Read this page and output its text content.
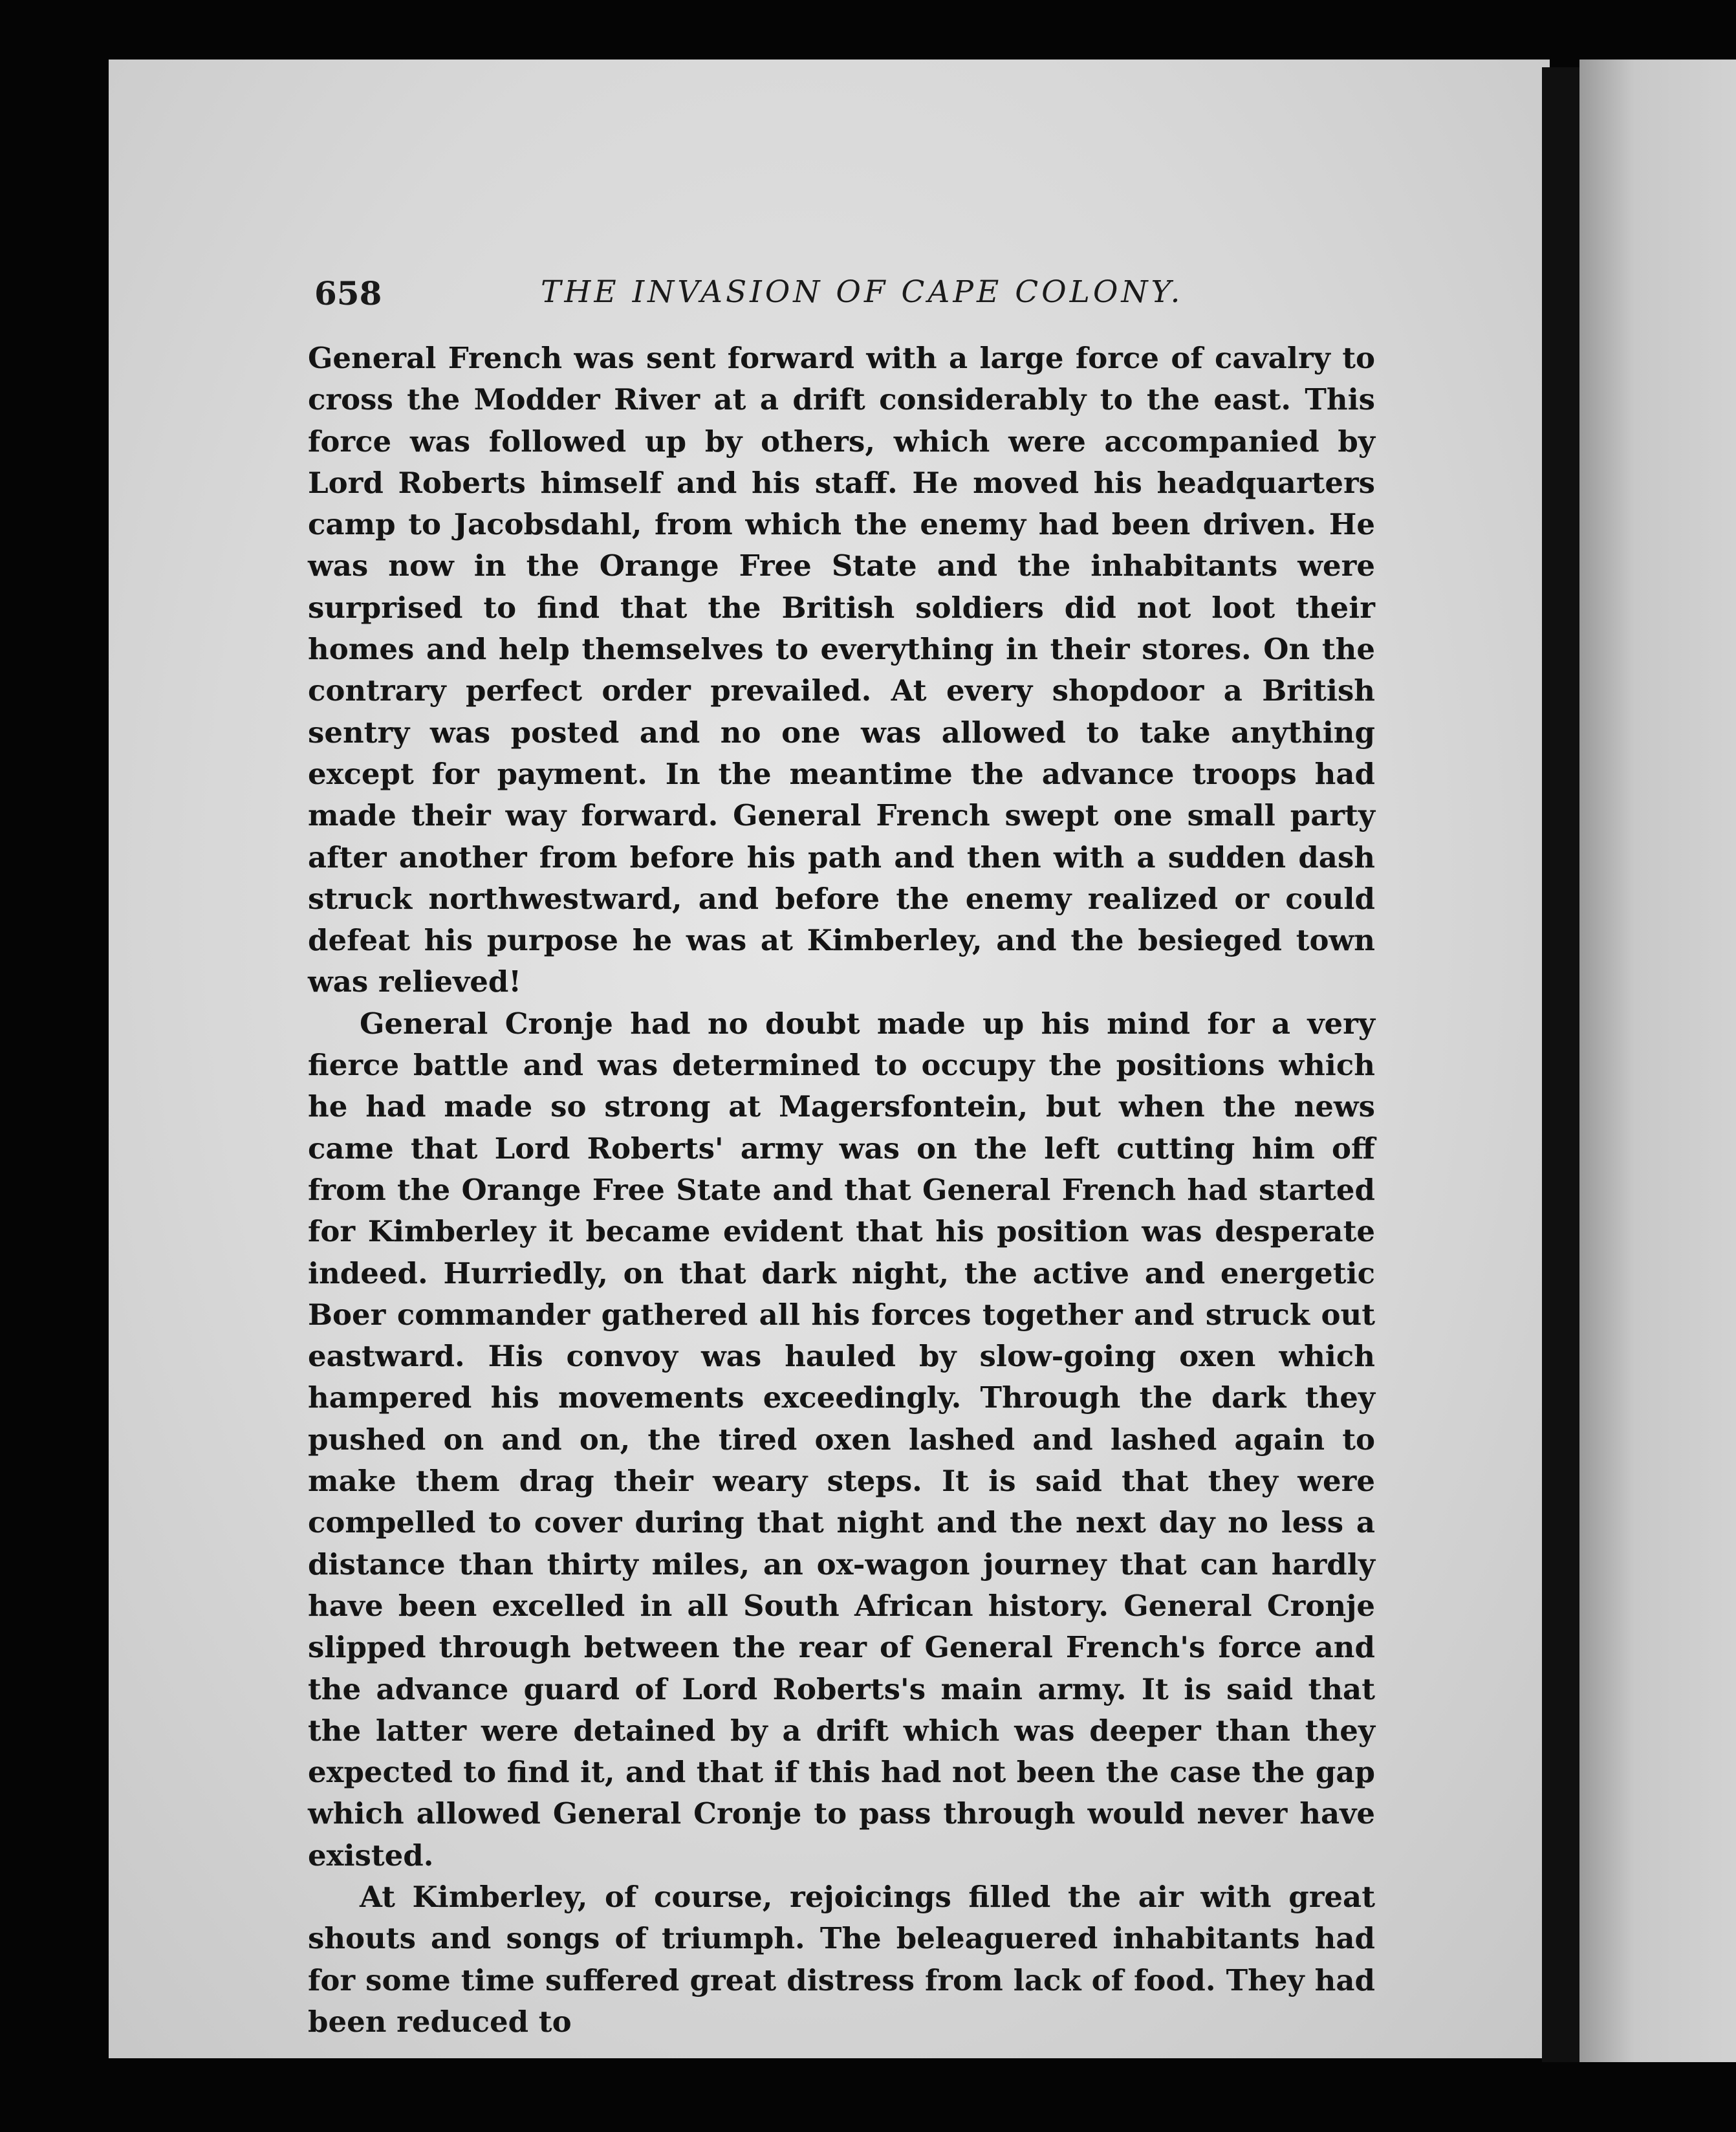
658	THE INVASION OF CAPE COLONY.

General French was sent forward with a large force of cavalry to cross the Modder River at a drift considerably to the east. This force was followed up by others, which were accompanied by Lord Roberts himself and his staff. He moved his headquarters camp to Jacobsdahl, from which the enemy had been driven. He was now in the Orange Free State and the inhabitants were surprised to find that the British soldiers did not loot their homes and help themselves to everything in their stores. On the contrary perfect order prevailed. At every shopdoor a British sentry was posted and no one was allowed to take anything except for payment. In the meantime the advance troops had made their way forward. General French swept one small party after another from before his path and then with a sudden dash struck northwestward, and before the enemy realized or could defeat his purpose he was at Kimberley, and the besieged town was relieved!

General Cronje had no doubt made up his mind for a very fierce battle and was determined to occupy the positions which he had made so strong at Magersfontein, but when the news came that Lord Roberts' army was on the left cutting him off from the Orange Free State and that General French had started for Kimberley it became evident that his position was desperate indeed. Hurriedly, on that dark night, the active and energetic Boer commander gathered all his forces together and struck out eastward. His convoy was hauled by slow-going oxen which hampered his movements exceedingly. Through the dark they pushed on and on, the tired oxen lashed and lashed again to make them drag their weary steps. It is said that they were compelled to cover during that night and the next day no less a distance than thirty miles, an ox-wagon journey that can hardly have been excelled in all South African history. General Cronje slipped through between the rear of General French's force and the advance guard of Lord Roberts's main army. It is said that the latter were detained by a drift which was deeper than they expected to find it, and that if this had not been the case the gap which allowed General Cronje to pass through would never have existed.

At Kimberley, of course, rejoicings filled the air with great shouts and songs of triumph. The beleaguered inhabitants had for some time suffered great distress from lack of food. They had been reduced to
